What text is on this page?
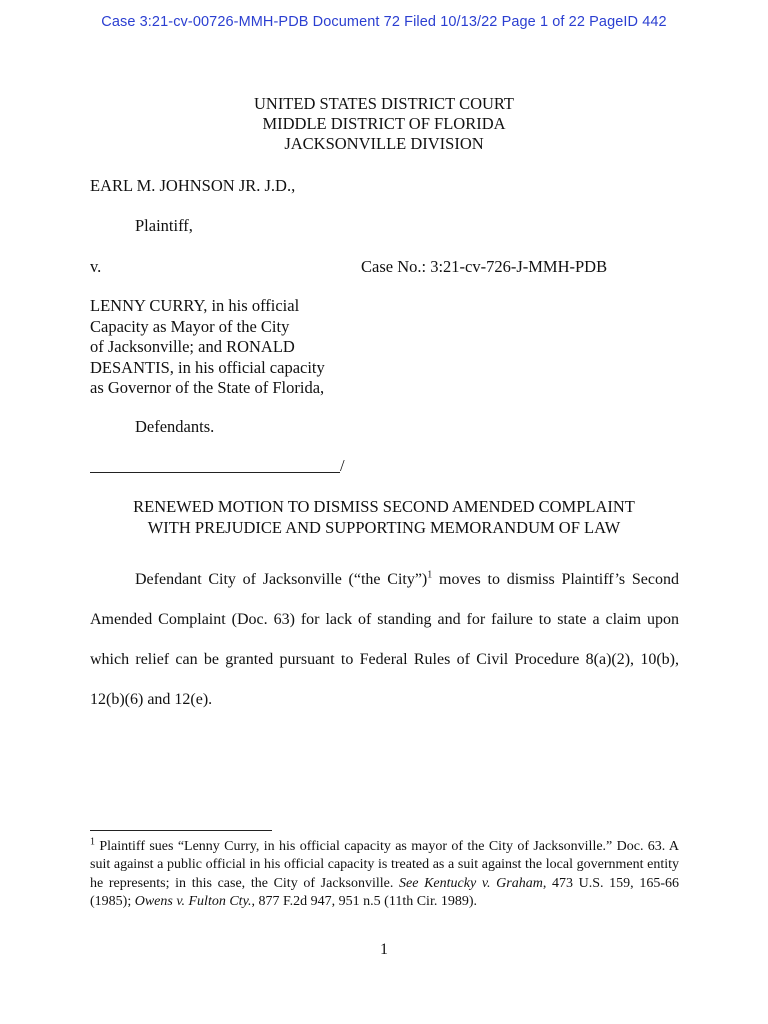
Case 3:21-cv-00726-MMH-PDB Document 72 Filed 10/13/22 Page 1 of 22 PageID 442
UNITED STATES DISTRICT COURT
MIDDLE DISTRICT OF FLORIDA
JACKSONVILLE DIVISION
EARL M. JOHNSON JR. J.D.,
Plaintiff,
v.	Case No.: 3:21-cv-726-J-MMH-PDB
LENNY CURRY, in his official
Capacity as Mayor of the City
of Jacksonville; and RONALD
DESANTIS, in his official capacity
as Governor of the State of Florida,
Defendants.
/
RENEWED MOTION TO DISMISS SECOND AMENDED COMPLAINT
WITH PREJUDICE AND SUPPORTING MEMORANDUM OF LAW
Defendant City of Jacksonville (“the City”)$^1$ moves to dismiss Plaintiff’s Second Amended Complaint (Doc. 63) for lack of standing and for failure to state a claim upon which relief can be granted pursuant to Federal Rules of Civil Procedure 8(a)(2), 10(b), 12(b)(6) and 12(e).
$^1$ Plaintiff sues “Lenny Curry, in his official capacity as mayor of the City of Jacksonville.” Doc. 63. A suit against a public official in his official capacity is treated as a suit against the local government entity he represents; in this case, the City of Jacksonville. See Kentucky v. Graham, 473 U.S. 159, 165-66 (1985); Owens v. Fulton Cty., 877 F.2d 947, 951 n.5 (11th Cir. 1989).
1
